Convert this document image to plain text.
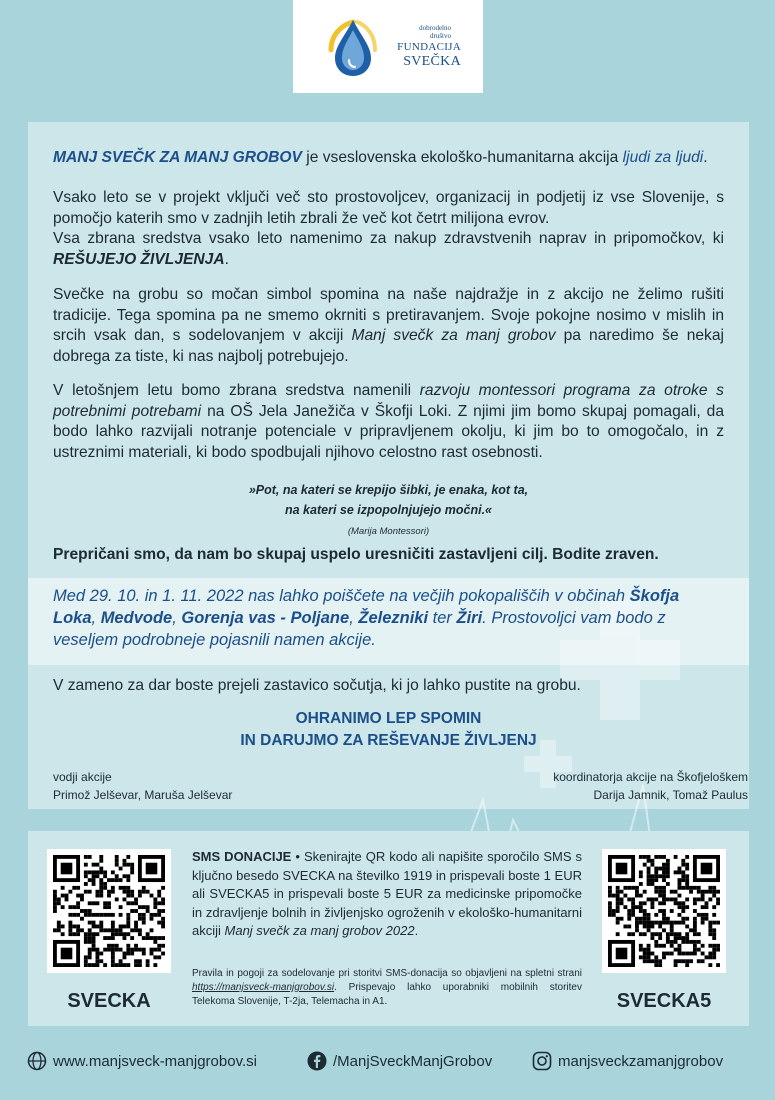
dobrodelno
društvo
FUNDACIJA
SVEČKA
MANJ SVEČK ZA MANJ GROBOV je vseslovenska ekološko-humanitarna akcija ljudi za ljudi.
Vsako leto se v projekt vključi več sto prostovoljcev, organizacij in podjetij iz vse Slovenije, s pomočjo katerih smo v zadnjih letih zbrali že več kot četrt milijona evrov.
Vsa zbrana sredstva vsako leto namenimo za nakup zdravstvenih naprav in pripomočkov, ki REŠUJEJO ŽIVLJENJA.
Svečke na grobu so močan simbol spomina na naše najdražje in z akcijo ne želimo rušiti tradicije. Tega spomina pa ne smemo okrniti s pretiravanjem. Svoje pokojne nosimo v mislih in srcih vsak dan, s sodelovanjem v akciji Manj svečk za manj grobov pa naredimo še nekaj dobrega za tiste, ki nas najbolj potrebujejo.
V letošnjem letu bomo zbrana sredstva namenili razvoju montessori programa za otroke s potrebnimi potrebami na OŠ Jela Janežiča v Škofji Loki. Z njimi jim bomo skupaj pomagali, da bodo lahko razvijali notranje potenciale v pripravljenem okolju, ki jim bo to omogočalo, in z ustreznimi materiali, ki bodo spodbujali njihovo celostno rast osebnosti.
»Pot, na kateri se krepijo šibki, je enaka, kot ta,
na kateri se izpopolnjujejo močni.«
(Marija Montessori)
Prepričani smo, da nam bo skupaj uspelo uresničiti zastavljeni cilj. Bodite zraven.
Med 29. 10. in 1. 11. 2022 nas lahko poiščete na večjih pokopališčih v občinah Škofja Loka, Medvode, Gorenja vas - Poljane, Železniki ter Žiri. Prostovoljci vam bodo z veseljem podrobneje pojasnili namen akcije.
V zameno za dar boste prejeli zastavico sočutja, ki jo lahko pustite na grobu.
OHRANIMO LEP SPOMIN
IN DARUJMO ZA REŠEVANJE ŽIVLJENJ
vodji akcije
Primož Jelševar, Maruša Jelševar
koordinatorja akcije na Škofjeloškem
Darija Jamnik, Tomaž Paulus
SVECKA	SVECKA5
SMS DONACIJE • Skenirajte QR kodo ali napišite sporočilo SMS s ključno besedo SVECKA na številko 1919 in prispevali boste 1 EUR ali SVECKA5 in prispevali boste 5 EUR za medicinske pripomočke in zdravljenje bolnih in življenjsko ogroženih v ekološko-humanitarni akciji Manj svečk za manj grobov 2022.
Pravila in pogoji za sodelovanje pri storitvi SMS-donacija so objavljeni na spletni strani https://manjsveck-manjgrobov.si. Prispevajo lahko uporabniki mobilnih storitev Telekoma Slovenije, T-2ja, Telemacha in A1.
www.manjsveck-manjgrobov.si	/ManjSveckManjGrobov	manjsveckzamanjgrobov
